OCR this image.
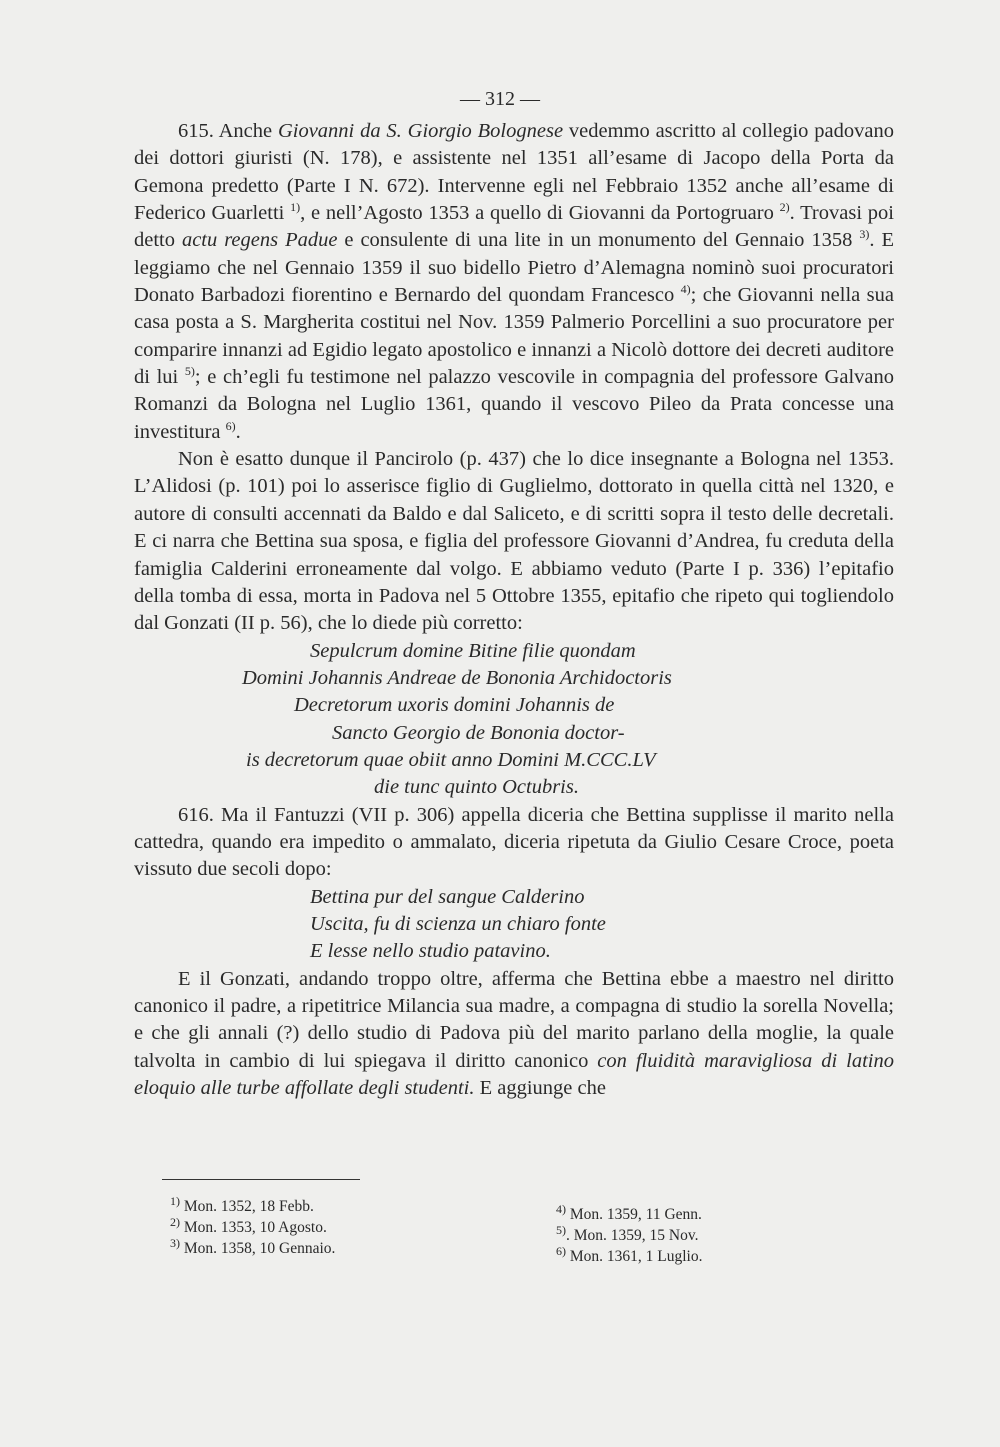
— 312 —

615. Anche Giovanni da S. Giorgio Bolognese vedemmo ascritto al collegio padovano dei dottori giuristi (N. 178), e assistente nel 1351 all’esame di Jacopo della Porta da Gemona predetto (Parte I N. 672). Intervenne egli nel Febbraio 1352 anche all’esame di Federico Guarletti $^{1)}$, e nell’Agosto 1353 a quello di Giovanni da Portogruaro $^{2)}$. Trovasi poi detto actu regens Padue e consulente di una lite in un monumento del Gennaio 1358 $^{3)}$. E leggiamo che nel Gennaio 1359 il suo bidello Pietro d’Alemagna nominò suoi procuratori Donato Barbadozi fiorentino e Bernardo del quondam Francesco $^{4)}$; che Giovanni nella sua casa posta a S. Margherita costitui nel Nov. 1359 Palmerio Porcellini a suo procuratore per comparire innanzi ad Egidio legato apostolico e innanzi a Nicolò dottore dei decreti auditore di lui $^{5)}$; e ch’egli fu testimone nel palazzo vescovile in compagnia del professore Galvano Romanzi da Bologna nel Luglio 1361, quando il vescovo Pileo da Prata concesse una investitura $^{6)}$.

Non è esatto dunque il Pancirolo (p. 437) che lo dice insegnante a Bologna nel 1353. L’Alidosi (p. 101) poi lo asserisce figlio di Guglielmo, dottorato in quella città nel 1320, e autore di consulti accennati da Baldo e dal Saliceto, e di scritti sopra il testo delle decretali. E ci narra che Bettina sua sposa, e figlia del professore Giovanni d’Andrea, fu creduta della famiglia Calderini erroneamente dal volgo. E abbiamo veduto (Parte I p. 336) l’epitafio della tomba di essa, morta in Padova nel 5 Ottobre 1355, epitafio che ripeto qui togliendolo dal Gonzati (II p. 56), che lo diede più corretto:

Sepulcrum domine Bitine filie quondam
Domini Johannis Andreae de Bononia Archidoctoris
Decretorum uxoris domini Johannis de
Sancto Georgio de Bononia doctor-
is decretorum quae obiit anno Domini M.CCC.LV
die tunc quinto Octubris.

616. Ma il Fantuzzi (VII p. 306) appella diceria che Bettina supplisse il marito nella cattedra, quando era impedito o ammalato, diceria ripetuta da Giulio Cesare Croce, poeta vissuto due secoli dopo:

Bettina pur del sangue Calderino
Uscita, fu di scienza un chiaro fonte
E lesse nello studio patavino.

E il Gonzati, andando troppo oltre, afferma che Bettina ebbe a maestro nel diritto canonico il padre, a ripetitrice Milancia sua madre, a compagna di studio la sorella Novella; e che gli annali (?) dello studio di Padova più del marito parlano della moglie, la quale talvolta in cambio di lui spiegava il diritto canonico con fluidità maravigliosa di latino eloquio alle turbe affollate degli studenti. E aggiunge che

$^{1)}$ Mon. 1352, 18 Febb.
$^{2)}$ Mon. 1353, 10 Agosto.
$^{3)}$ Mon. 1358, 10 Gennaio.
$^{4)}$ Mon. 1359, 11 Genn.
$^{5)}$. Mon. 1359, 15 Nov.
$^{6)}$ Mon. 1361, 1 Luglio.
